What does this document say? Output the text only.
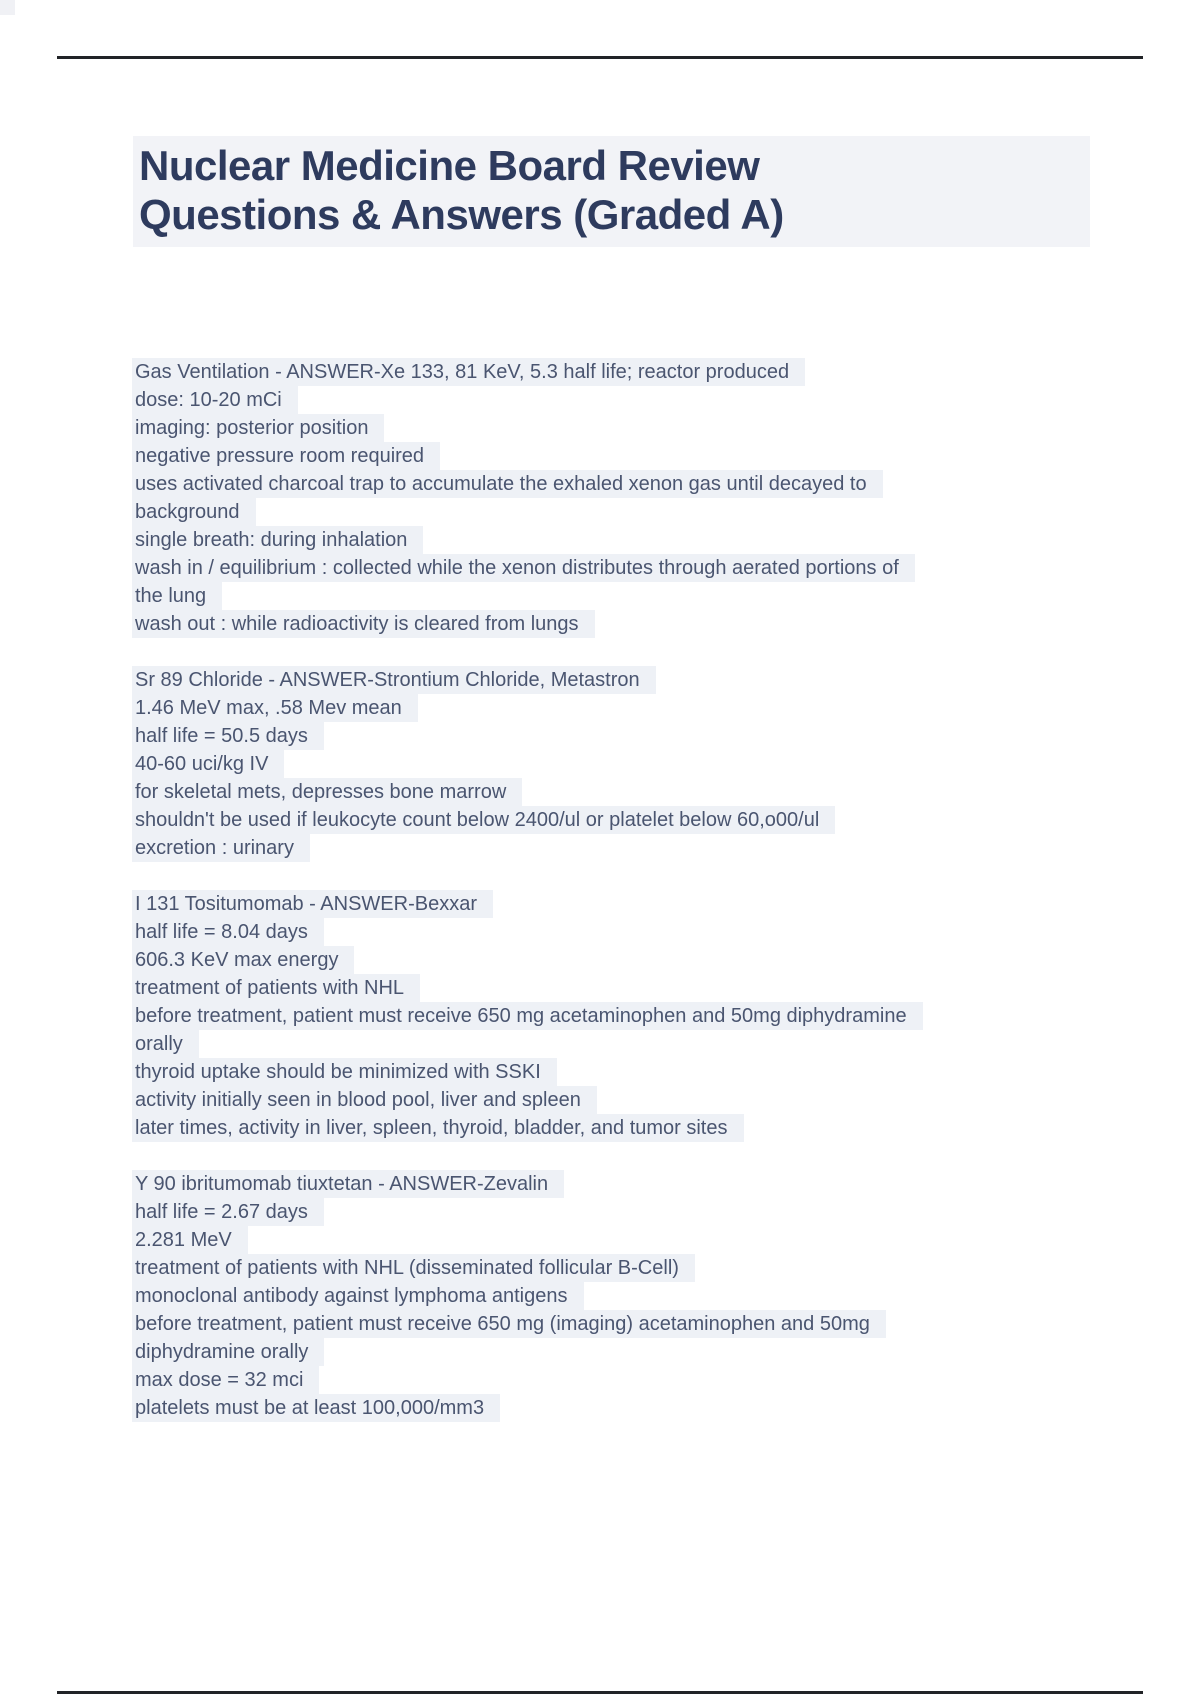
Nuclear Medicine Board Review
Questions & Answers (Graded A)
Gas Ventilation - ANSWER-Xe 133, 81 KeV, 5.3 half life; reactor produced
dose: 10-20 mCi
imaging: posterior position
negative pressure room required
uses activated charcoal trap to accumulate the exhaled xenon gas until decayed to
background
single breath: during inhalation
wash in / equilibrium : collected while the xenon distributes through aerated portions of
the lung
wash out : while radioactivity is cleared from lungs
Sr 89 Chloride - ANSWER-Strontium Chloride, Metastron
1.46 MeV max, .58 Mev mean
half life = 50.5 days
40-60 uci/kg IV
for skeletal mets, depresses bone marrow
shouldn't be used if leukocyte count below 2400/ul or platelet below 60,o00/ul
excretion : urinary
I 131 Tositumomab - ANSWER-Bexxar
half life = 8.04 days
606.3 KeV max energy
treatment of patients with NHL
before treatment, patient must receive 650 mg acetaminophen and 50mg diphydramine
orally
thyroid uptake should be minimized with SSKI
activity initially seen in blood pool, liver and spleen
later times, activity in liver, spleen, thyroid, bladder, and tumor sites
Y 90 ibritumomab tiuxtetan - ANSWER-Zevalin
half life = 2.67 days
2.281 MeV
treatment of patients with NHL (disseminated follicular B-Cell)
monoclonal antibody against lymphoma antigens
before treatment, patient must receive 650 mg (imaging) acetaminophen and 50mg
diphydramine orally
max dose = 32 mci
platelets must be at least 100,000/mm3
